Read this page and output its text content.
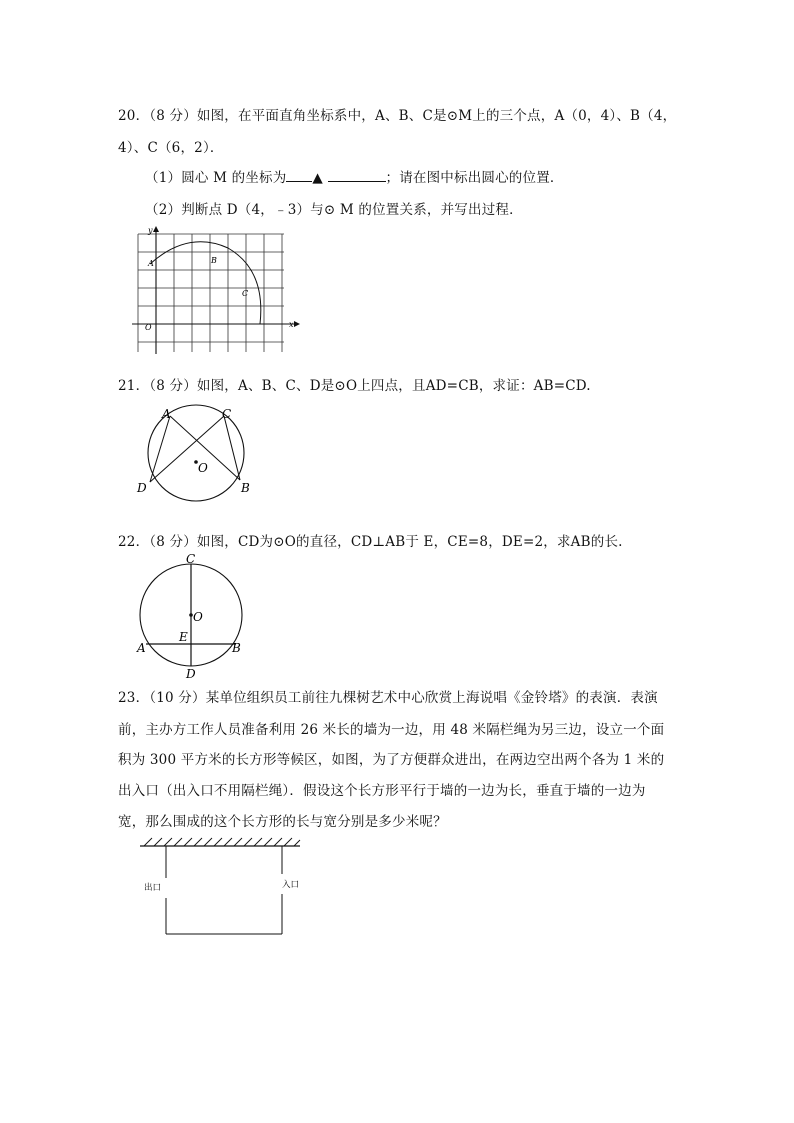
20．（8 分）如图，在平面直角坐标系中，A、B、C是⊙M上的三个点，A（0，4）、B（4，
4）、C（6，2）．
（1）圆心 M 的坐标为 ▲	；请在图中标出圆心的位置．
（2）判断点 D（4，﹣3）与⊙ M 的位置关系，并写出过程．
y
x
O
A	B
C
21．（8 分）如图，A、B、C、D是⊙O上四点，且AD=CB，求证：AB=CD.
A	C
D	B
O
22．（8 分）如图，CD为⊙O的直径，CD⊥AB于 E，CE=8，DE=2，求AB的长.
C
O
E
A	B
D
23．（10 分）某单位组织员工前往九棵树艺术中心欣赏上海说唱《金铃塔》的表演．表演
前，主办方工作人员准备利用 26 米长的墙为一边，用 48 米隔栏绳为另三边，设立一个面
积为 300 平方米的长方形等候区，如图，为了方便群众进出，在两边空出两个各为 1 米的
出入口（出入口不用隔栏绳）．假设这个长方形平行于墙的一边为长，垂直于墙的一边为
宽，那么围成的这个长方形的长与宽分别是多少米呢？
出口	入口
